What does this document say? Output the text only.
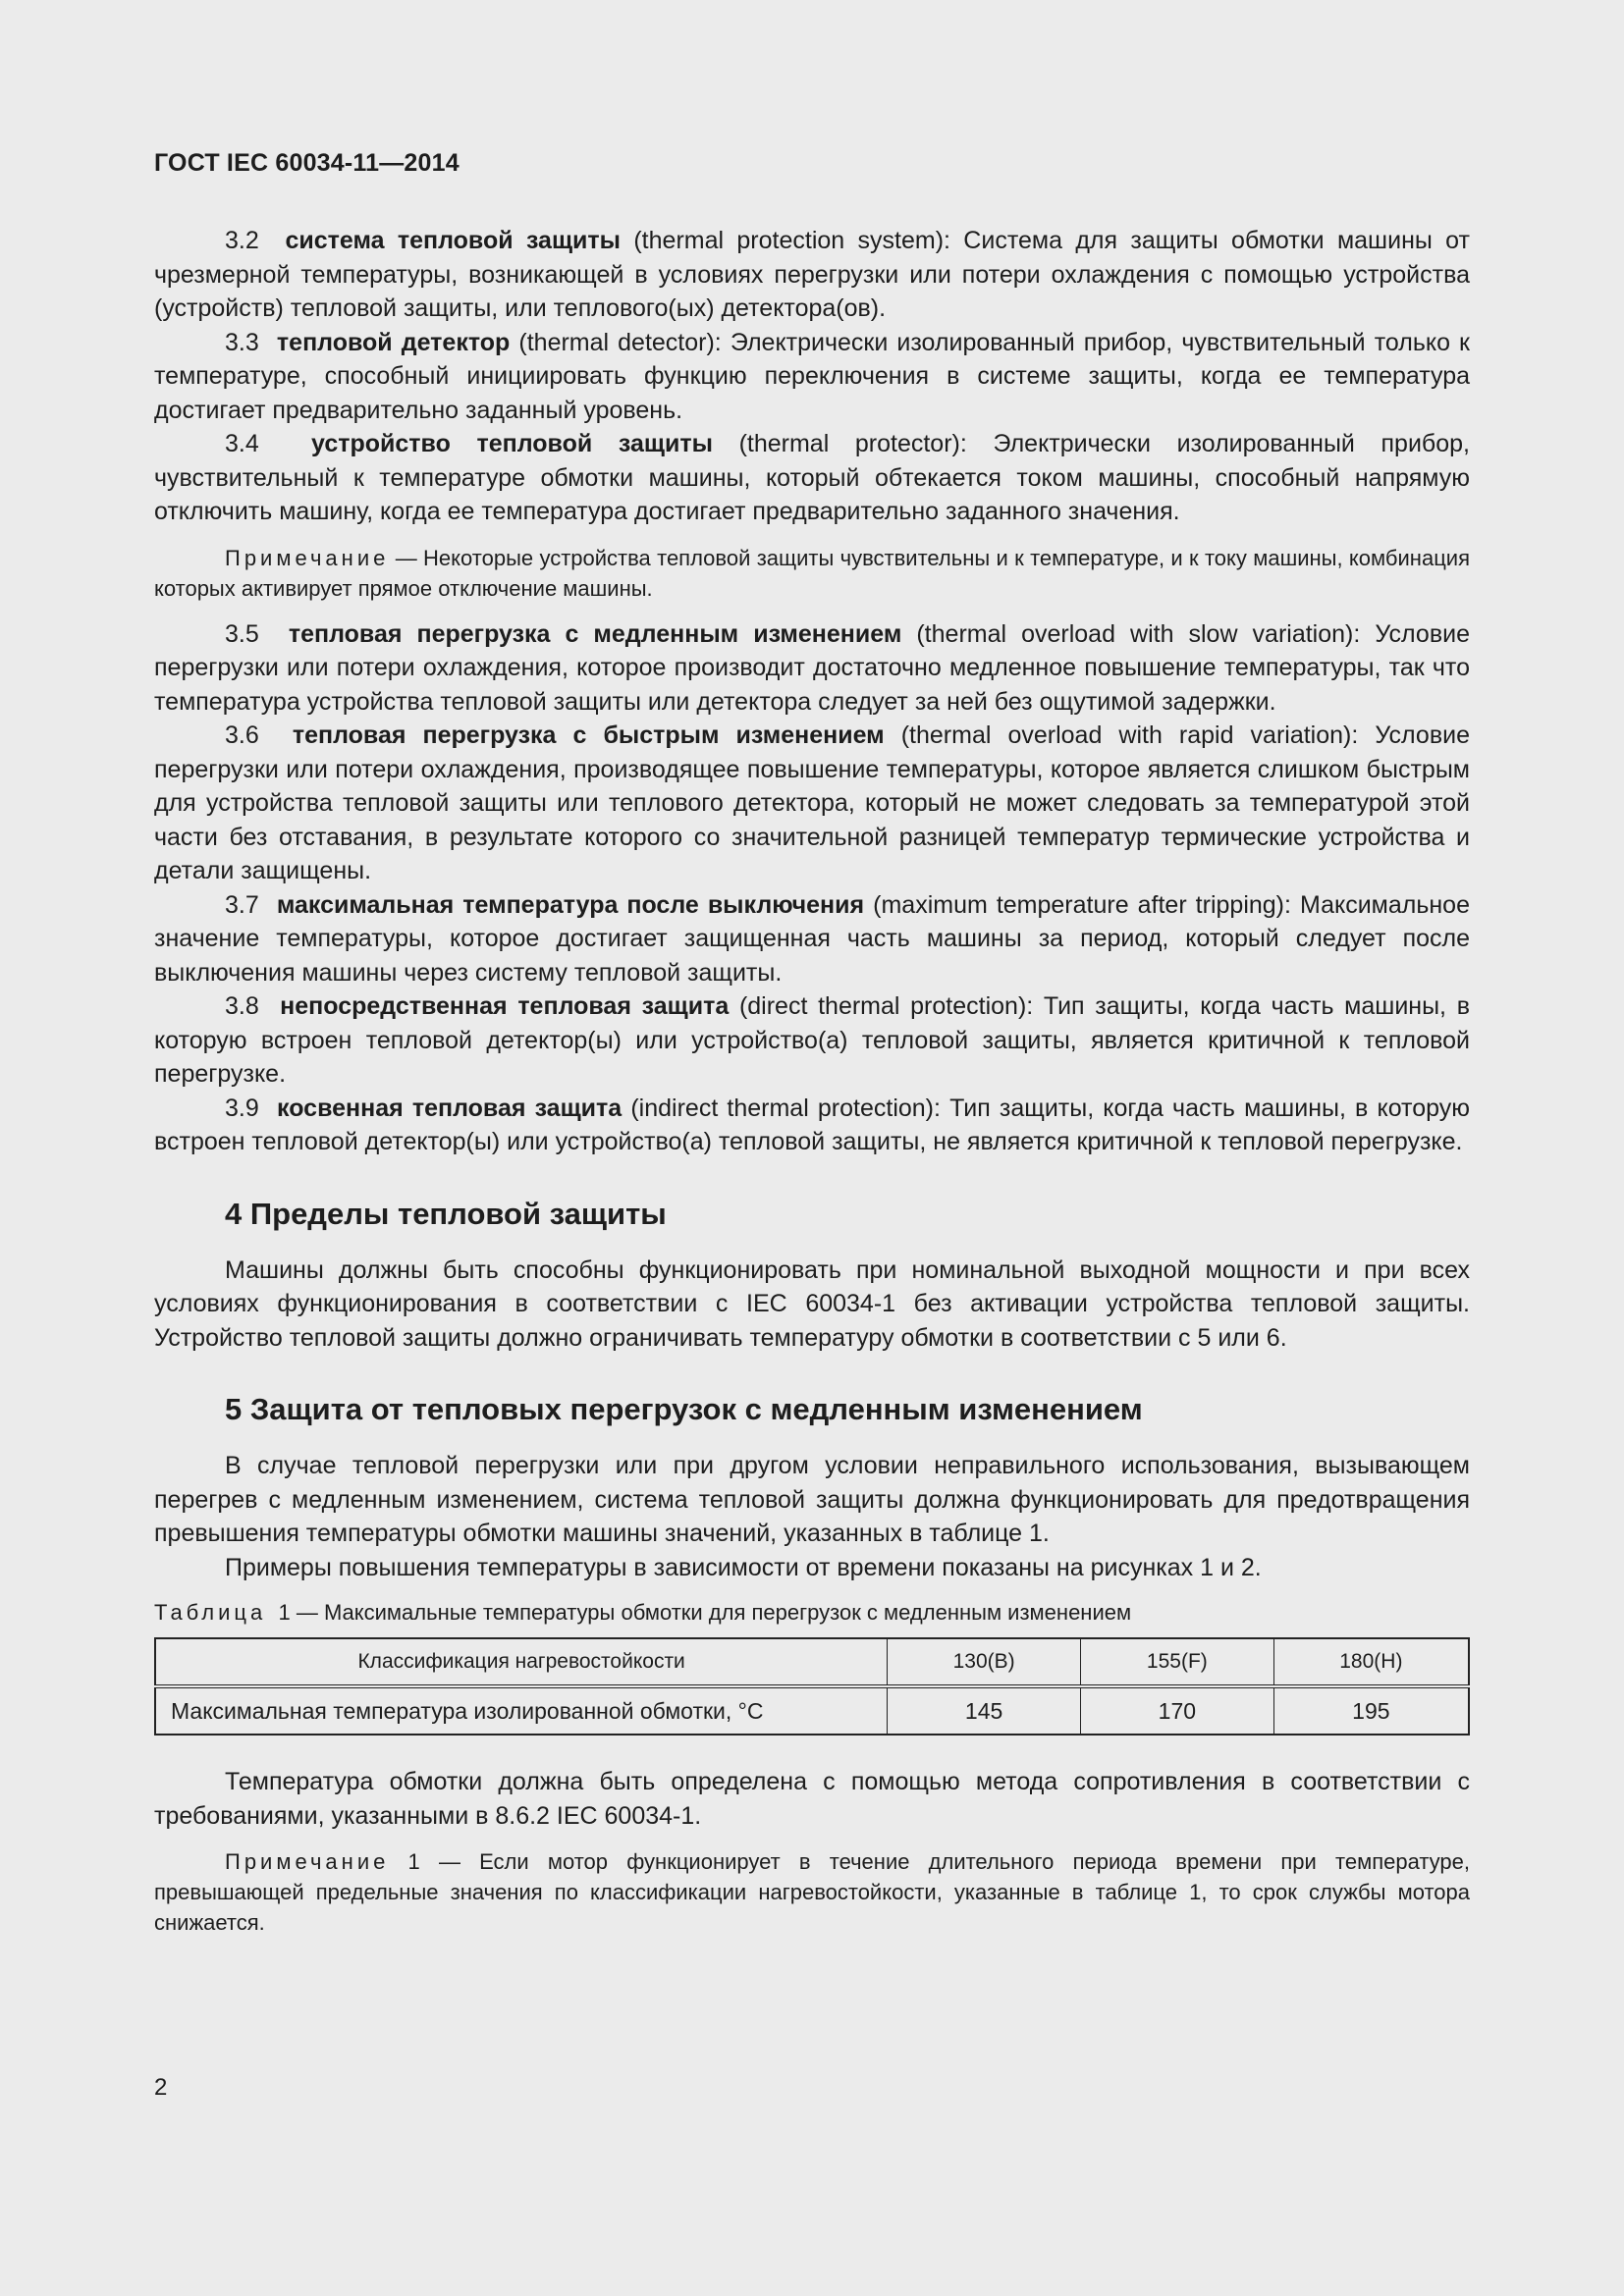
ГОСТ IEC 60034-11—2014

3.2 система тепловой защиты (thermal protection system): Система для защиты обмотки машины от чрезмерной температуры, возникающей в условиях перегрузки или потери охлаждения с помощью устройства (устройств) тепловой защиты, или теплового(ых) детектора(ов).

3.3 тепловой детектор (thermal detector): Электрически изолированный прибор, чувствительный только к температуре, способный инициировать функцию переключения в системе защиты, когда ее температура достигает предварительно заданный уровень.

3.4 устройство тепловой защиты (thermal protector): Электрически изолированный прибор, чувствительный к температуре обмотки машины, который обтекается током машины, способный напрямую отключить машину, когда ее температура достигает предварительно заданного значения.

Примечание — Некоторые устройства тепловой защиты чувствительны и к температуре, и к току машины, комбинация которых активирует прямое отключение машины.

3.5 тепловая перегрузка с медленным изменением (thermal overload with slow variation): Условие перегрузки или потери охлаждения, которое производит достаточно медленное повышение температуры, так что температура устройства тепловой защиты или детектора следует за ней без ощутимой задержки.

3.6 тепловая перегрузка с быстрым изменением (thermal overload with rapid variation): Условие перегрузки или потери охлаждения, производящее повышение температуры, которое является слишком быстрым для устройства тепловой защиты или теплового детектора, который не может следовать за температурой этой части без отставания, в результате которого со значительной разницей температур термические устройства и детали защищены.

3.7 максимальная температура после выключения (maximum temperature after tripping): Максимальное значение температуры, которое достигает защищенная часть машины за период, который следует после выключения машины через систему тепловой защиты.

3.8 непосредственная тепловая защита (direct thermal protection): Тип защиты, когда часть машины, в которую встроен тепловой детектор(ы) или устройство(а) тепловой защиты, является критичной к тепловой перегрузке.

3.9 косвенная тепловая защита (indirect thermal protection): Тип защиты, когда часть машины, в которую встроен тепловой детектор(ы) или устройство(а) тепловой защиты, не является критичной к тепловой перегрузке.

4 Пределы тепловой защиты

Машины должны быть способны функционировать при номинальной выходной мощности и при всех условиях функционирования в соответствии с IEC 60034-1 без активации устройства тепловой защиты. Устройство тепловой защиты должно ограничивать температуру обмотки в соответствии с 5 или 6.

5 Защита от тепловых перегрузок с медленным изменением

В случае тепловой перегрузки или при другом условии неправильного использования, вызывающем перегрев с медленным изменением, система тепловой защиты должна функционировать для предотвращения превышения температуры обмотки машины значений, указанных в таблице 1.

Примеры повышения температуры в зависимости от времени показаны на рисунках 1 и 2.

Таблица 1 — Максимальные температуры обмотки для перегрузок с медленным изменением

Классификация нагревостойкости	130(B)	155(F)	180(H)
Максимальная температура изолированной обмотки, °C	145	170	195

Температура обмотки должна быть определена с помощью метода сопротивления в соответствии с требованиями, указанными в 8.6.2 IEC 60034-1.

Примечание 1 — Если мотор функционирует в течение длительного периода времени при температуре, превышающей предельные значения по классификации нагревостойкости, указанные в таблице 1, то срок службы мотора снижается.

2
